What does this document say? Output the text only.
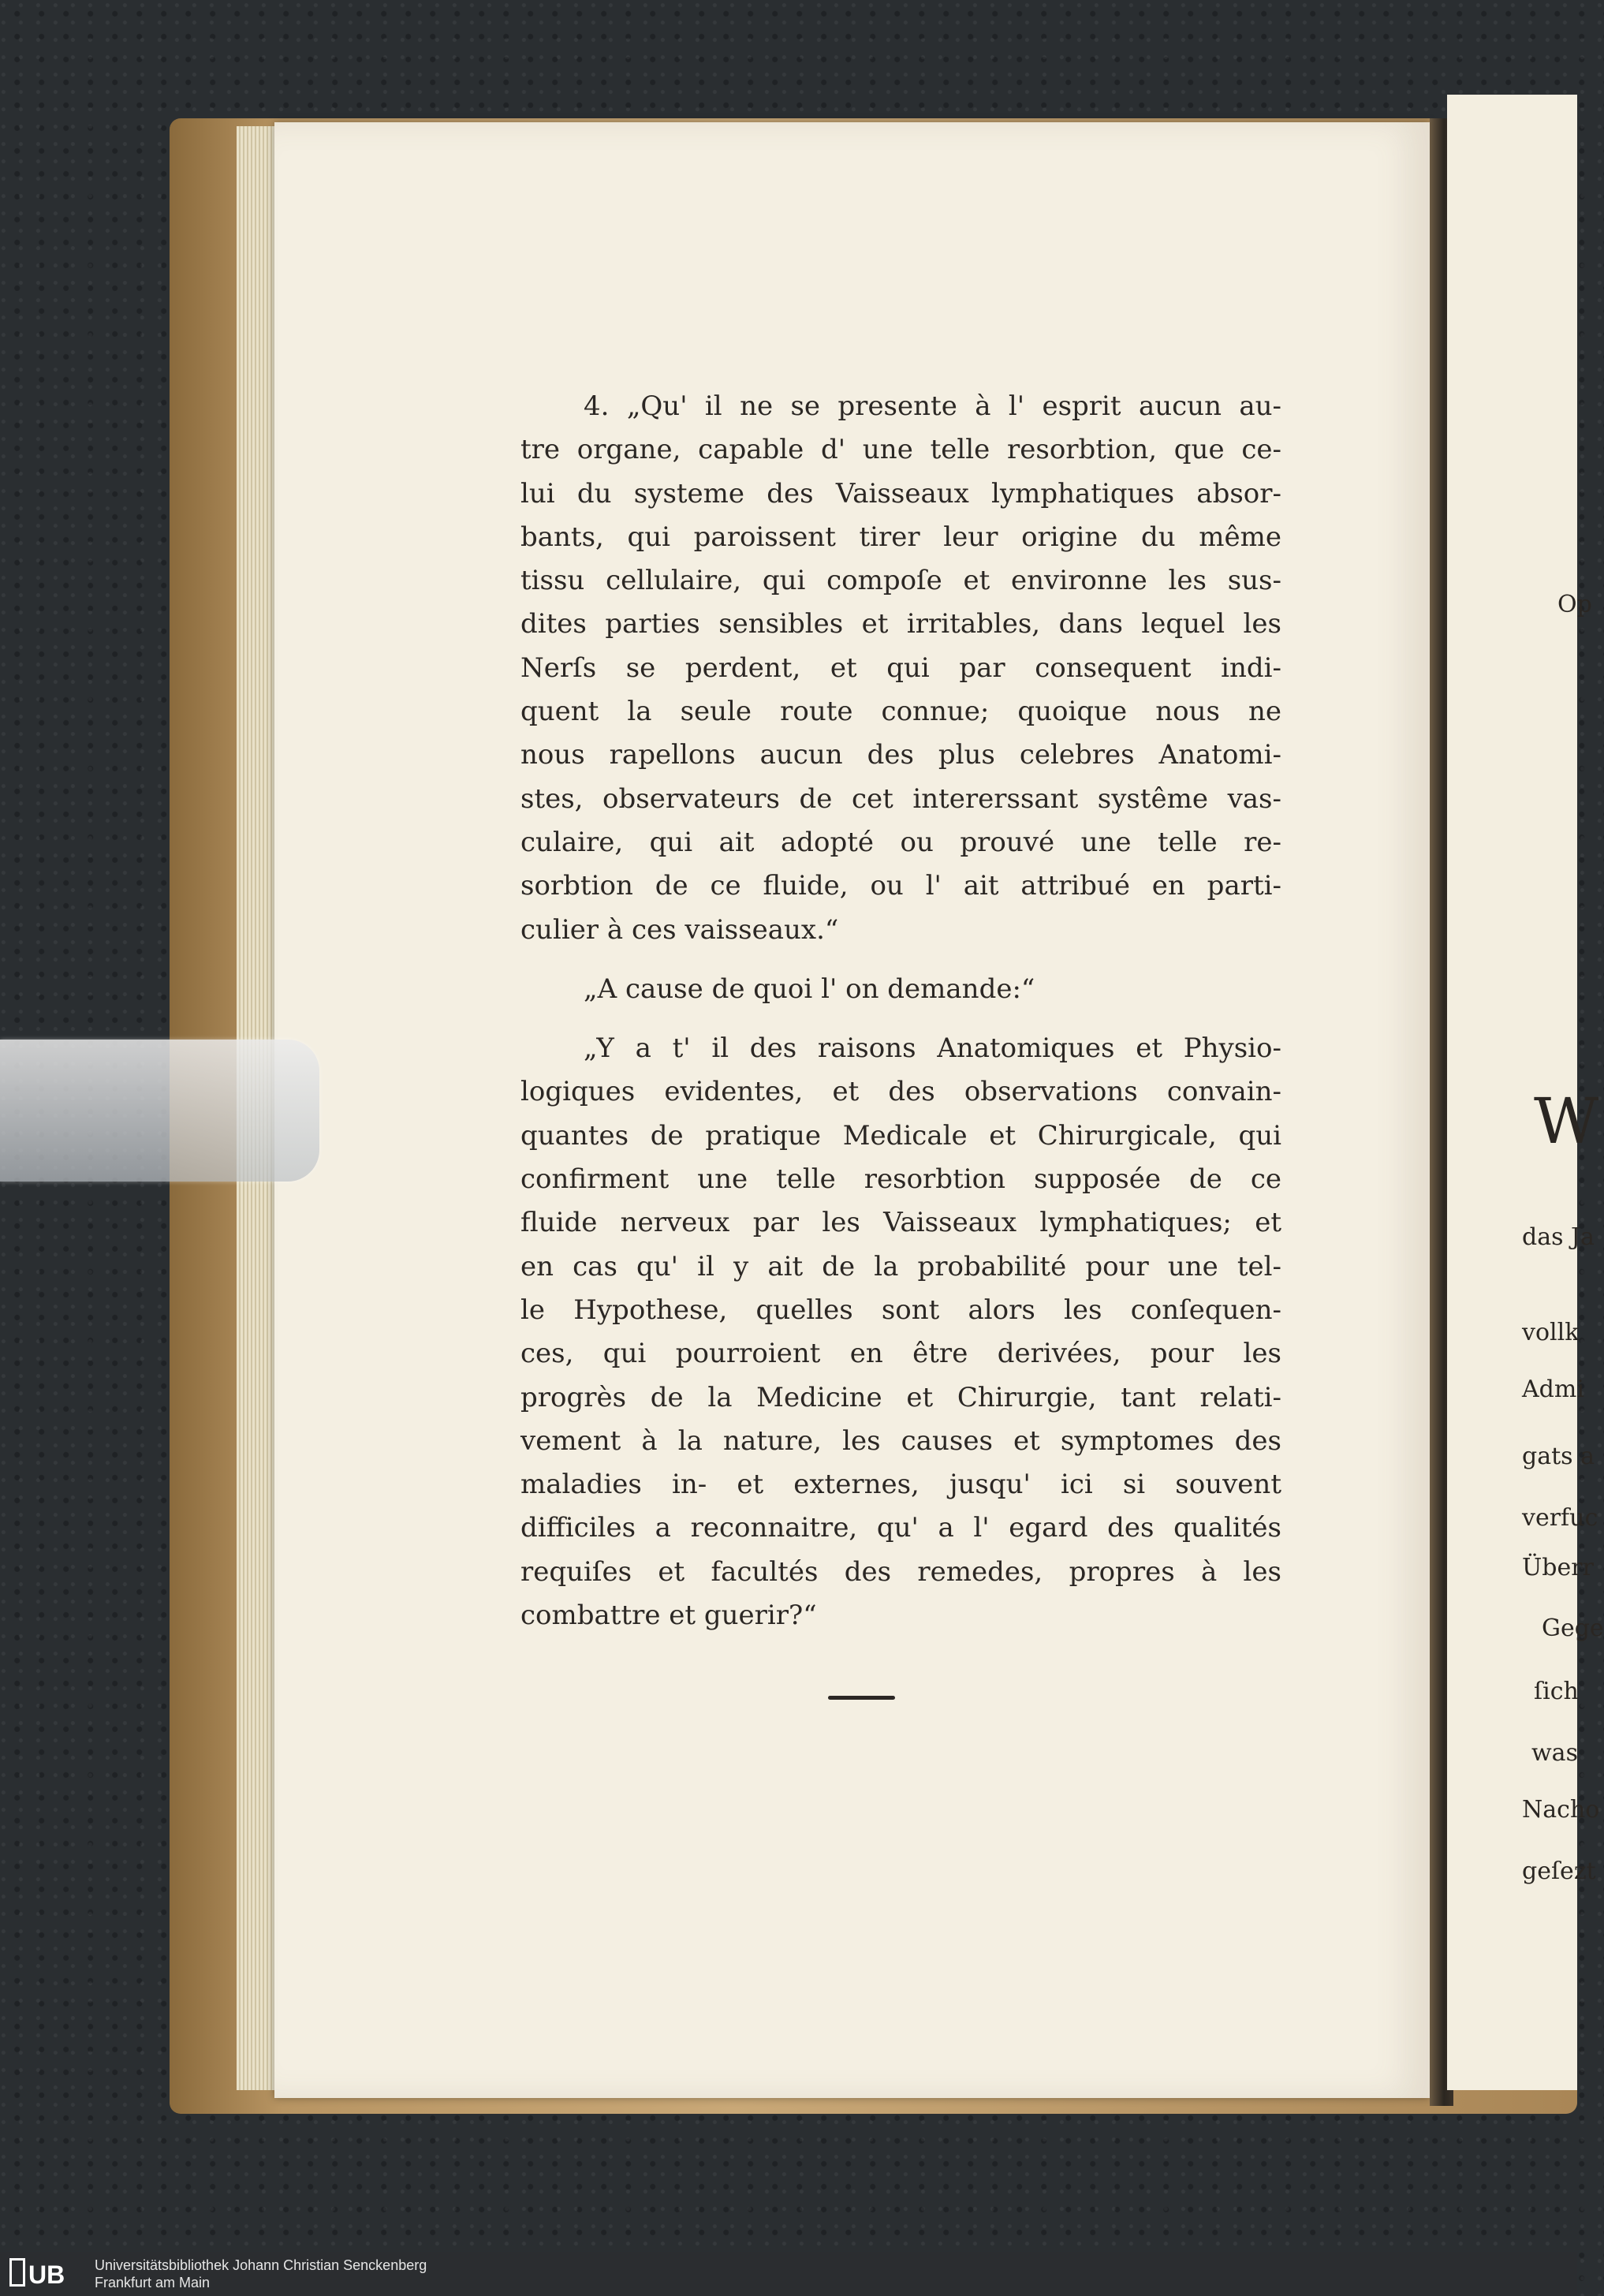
Op
W
das Ja
vollk
Admi
gats a
verfuc
Überr
Gege
ſich
was
Nacho
geſezt
4. „Qu' il ne se presente à l' esprit aucun au-
tre organe, capable d' une telle resorbtion, que ce-
lui du systeme des Vaisseaux lymphatiques absor-
bants, qui paroissent tirer leur origine du même
tissu cellulaire, qui compoſe et environne les sus-
dites parties sensibles et irritables, dans lequel les
Nerſs se perdent, et qui par consequent indi-
quent la seule route connue; quoique nous ne
nous rapellons aucun des plus celebres Anatomi-
stes, observateurs de cet intererssant systême vas-
culaire, qui ait adopté ou prouvé une telle re-
sorbtion de ce fluide, ou l' ait attribué en parti-
culier à ces vaisseaux.“
„A cause de quoi l' on demande:“
„Y a t' il des raisons Anatomiques et Physio-
logiques evidentes, et des observations convain-
quantes de pratique Medicale et Chirurgicale, qui
confirment une telle resorbtion supposée de ce
fluide nerveux par les Vaisseaux lymphatiques; et
en cas qu' il y ait de la probabilité pour une tel-
le Hypothese, quelles sont alors les conſequen-
ces, qui pourroient en être derivées, pour les
progrès de la Medicine et Chirurgie, tant relati-
vement à la nature, les causes et symptomes des
maladies in- et externes, jusqu' ici si souvent
difficiles a reconnaitre, qu' a l' egard des qualités
requiſes et facultés des remedes, propres à les
combattre et guerir?“
UB	Universitätsbibliothek Johann Christian Senckenberg
Frankfurt am Main
